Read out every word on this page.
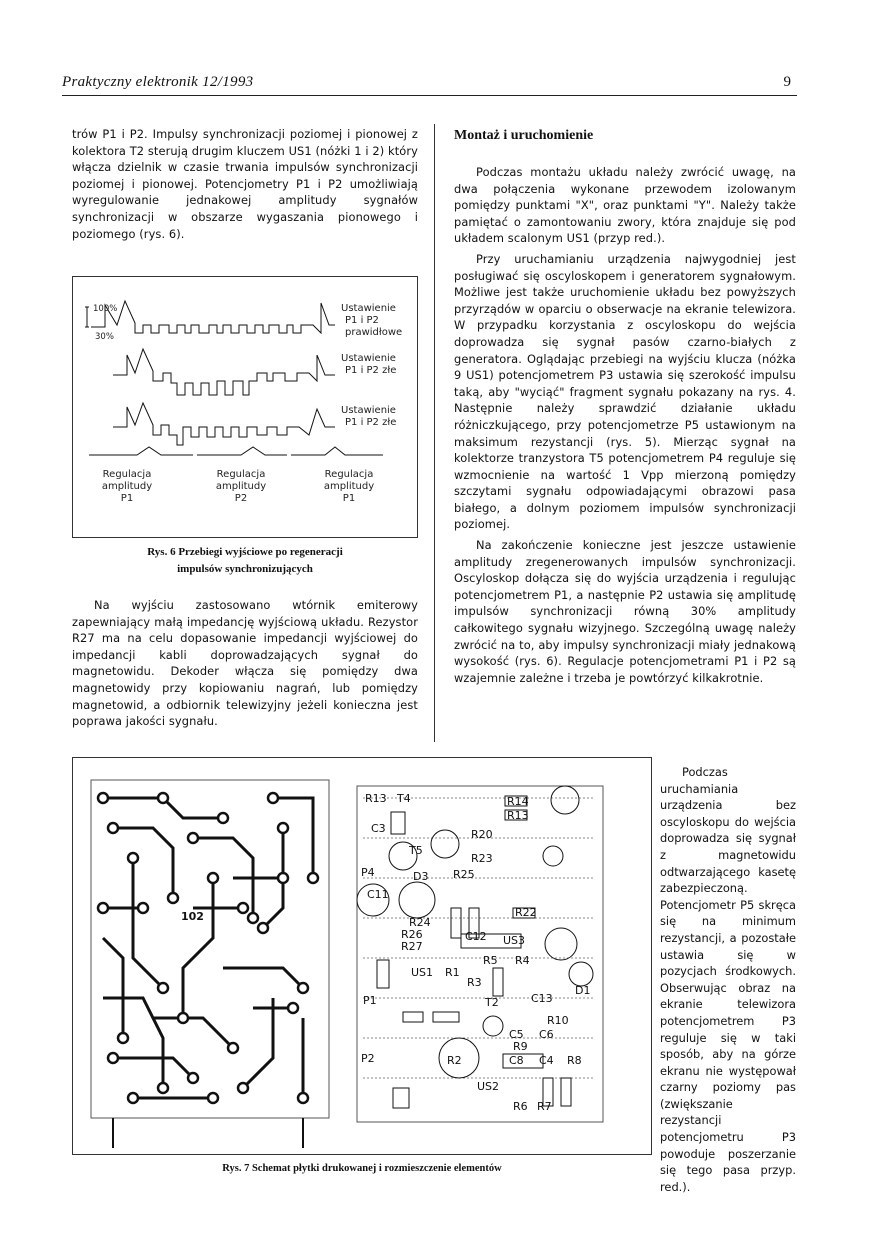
Praktyczny elektronik 12/1993	9

trów P1 i P2. Impulsy synchronizacji poziomej i pionowej z kolektora T2 sterują drugim kluczem US1 (nóżki 1 i 2) który włącza dzielnik w czasie trwania impulsów synchronizacji poziomej i pionowej. Potencjometry P1 i P2 umożliwiają wyregulowanie jednakowej amplitudy sygnałów synchronizacji w obszarze wygaszania pionowego i poziomego (rys. 6).

100%
30%
Ustawienie
P1 i P2
prawidłowe
Ustawienie
P1 i P2 złe
Ustawienie
P1 i P2 złe
Regulacja
amplitudy
P1
Regulacja
amplitudy
P2
Regulacja
amplitudy
P1
Rys. 6 Przebiegi wyjściowe po regeneracji
impulsów synchronizujących

Na wyjściu zastosowano wtórnik emiterowy zapewniający małą impedancję wyjściową układu. Rezystor R27 ma na celu dopasowanie impedancji wyjściowej do impedancji kabli doprowadzających sygnał do magnetowidu. Dekoder włącza się pomiędzy dwa magnetowidy przy kopiowaniu nagrań, lub pomiędzy magnetowid, a odbiornik telewizyjny jeżeli konieczna jest poprawa jakości sygnału.

Montaż i uruchomienie

Podczas montażu układu należy zwrócić uwagę, na dwa połączenia wykonane przewodem izolowanym pomiędzy punktami "X", oraz punktami "Y". Należy także pamiętać o zamontowaniu zwory, która znajduje się pod układem scalonym US1 (przyp red.).

Przy uruchamianiu urządzenia najwygodniej jest posługiwać się oscyloskopem i generatorem sygnałowym. Możliwe jest także uruchomienie układu bez powyższych przyrządów w oparciu o obserwacje na ekranie telewizora. W przypadku korzystania z oscyloskopu do wejścia doprowadza się sygnał pasów czarno-białych z generatora. Oglądając przebiegi na wyjściu klucza (nóżka 9 US1) potencjometrem P3 ustawia się szerokość impulsu taką, aby "wyciąć" fragment sygnału pokazany na rys. 4. Następnie należy sprawdzić działanie układu różniczkującego, przy potencjometrze P5 ustawionym na maksimum rezystancji (rys. 5). Mierząc sygnał na kolektorze tranzystora T5 potencjometrem P4 reguluje się wzmocnienie na wartość 1 Vpp mierzoną pomiędzy szczytami sygnału odpowiadającymi obrazowi pasa białego, a dolnym poziomem impulsów synchronizacji poziomej.

Na zakończenie konieczne jest jeszcze ustawienie amplitudy zregenerowanych impulsów synchronizacji. Oscyloskop dołącza się do wyjścia urządzenia i regulując potencjometrem P1, a następnie P2 ustawia się amplitudę impulsów synchronizacji równą 30% amplitudy całkowitego sygnału wizyjnego. Szczególną uwagę należy zwrócić na to, aby impulsy synchronizacji miały jednakową wysokość (rys. 6). Regulacje potencjometrami P1 i P2 są wzajemnie zależne i trzeba je powtórzyć kilkakrotnie.

102
R13 T4	R14
R13
C3	R20
T5
R23
P4	D3 R25
R24
R26
R27
C11
C12 US3
R22
R5 R4
US1 R1
R3
T2	C13
D1
P1
R10
C5 C6
R9
P2	R2	C8 C4 R8
US2
R6 R7
Rys. 7 Schemat płytki drukowanej i rozmieszczenie elementów

Podczas uruchamiania urządzenia bez oscyloskopu do wejścia doprowadza się sygnał z magnetowidu odtwarzającego kasetę zabezpieczoną. Potencjometr P5 skręca się na minimum rezystancji, a pozostałe ustawia się w pozycjach środkowych. Obserwując obraz na ekranie telewizora potencjometrem P3 reguluje się w taki sposób, aby na górze ekranu nie występował czarny poziomy pas (zwiększanie rezystancji potencjometru P3 powoduje poszerzanie się tego pasa przyp. red.).
